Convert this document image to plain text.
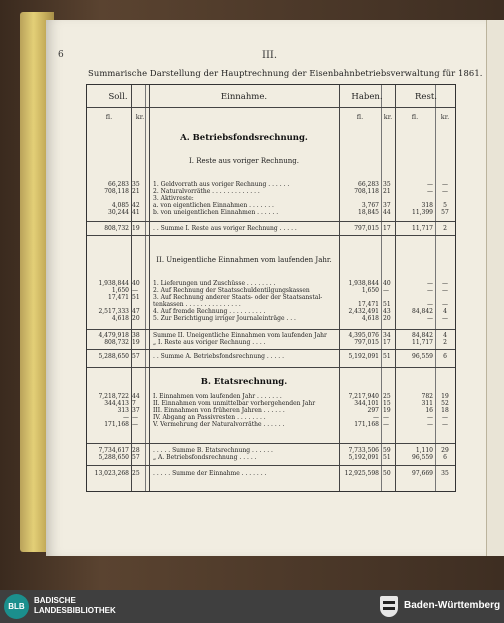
6	III.
Summarische Darstellung der Hauptrechnung der Eisenbahnbetriebsverwaltung für 1861.
Soll.	Einnahme.	Haben.	Rest.
fl.	kr.	fl.	kr.	fl.	kr.
A. Betriebsfondsrechnung.
I. Reste aus voriger Rechnung.
II. Uneigentliche Einnahmen vom laufenden Jahr.
B. Etatsrechnung.
66,283 35	1. Geldvorrath aus voriger Rechnung . . . . . .	66,283 35	—	—
708,118 21	2. Naturalvorräthe . . . . . . . . . . . . .	708,118 21	—	—
3. Aktivreste:
4,085 42	a. von eigentlichen Einnahmen . . . . . . .	3,767 37	318	5
30,244 41	b. von uneigentlichen Einnahmen . . . . . .	18,845 44	11,399	57
808,732 19	. . Summe I. Reste aus voriger Rechnung . . . . .	797,015 17	11,717	2
1,938,844 40	1. Lieferungen und Zuschüsse . . . . . . . .	1,938,844 40	—	—
1,650 —	2. Auf Rechnung der Staatsschuldentilgungskassen	1,650 —	—	—
17,471 51	3. Auf Rechnung anderer Staats- oder der Staatsanstal-
tenkassen . . . . . . . . . . . . . . .	17,471 51	—	—
2,517,333 47	4. Auf fremde Rechnung . . . . . . . . . .	2,432,491 43	84,842	4
4,618 20	5. Zur Berichtigung irriger Journaleinträge . . .	4,618 20	—	—
4,479,918 38	Summe II. Uneigentliche Einnahmen vom laufenden Jahr	4,395,076 34	84,842	4
808,732 19	„ I. Reste aus voriger Rechnung . . . .	797,015 17	11,717	2
5,288,650 57	. . Summe A. Betriebsfondsrechnung . . . . .	5,192,091 51	96,559	6
7,218,722 44	I. Einnahmen vom laufenden Jahr . . . . . . .	7,217,940 25	782	19
344,413 7	II. Einnahmen vom unmittelbar vorhergehenden Jahr	344,101 15	311	52
313 37	III. Einnahmen von früheren Jahren . . . . . .	297 19	16	18
— —	IV. Abgang an Passivresten . . . . . . . .	— —	—	—
171,168 —	V. Vermehrung der Naturalvorräthe . . . . . .	171,168 —	—	—
7,734,617 28	. . . . . Summe B. Etatsrechnung . . . . . .	7,733,506 59	1,110	29
5,288,650 57	„ A. Betriebsfondsrechnung . . . . .	5,192,091 51	96,559	6
13,023,268 25	. . . . . Summe der Einnahme . . . . . . .	12,925,598 50	97,669	35
BLB
BADISCHE
LANDESBIBLIOTHEK	Baden-Württemberg
